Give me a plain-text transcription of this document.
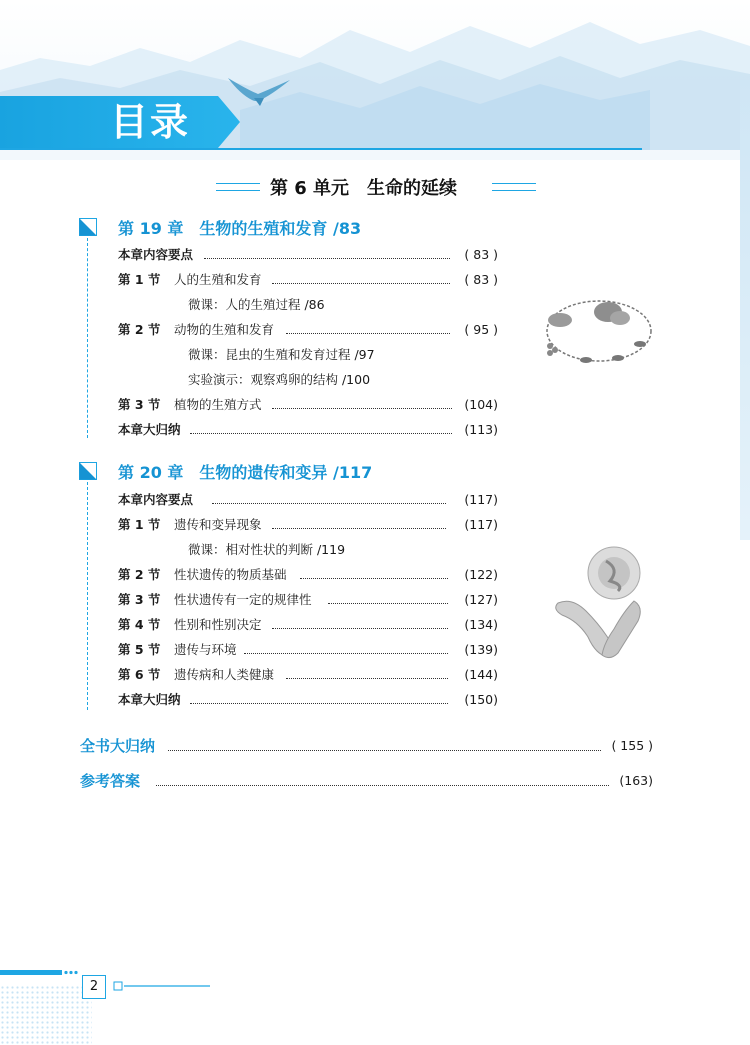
目录
第 6 单元　生命的延续
第 19 章　生物的生殖和发育 /83
本章内容要点	( 83 )
第 1 节 人的生殖和发育	( 83 )
微课：人的生殖过程 /86
第 2 节 动物的生殖和发育	( 95 )
微课：昆虫的生殖和发育过程 /97
实验演示：观察鸡卵的结构 /100
第 3 节 植物的生殖方式	(104)
本章大归纳	(113)
第 20 章　生物的遗传和变异 /117
本章内容要点	(117)
第 1 节 遗传和变异现象	(117)
微课：相对性状的判断 /119
第 2 节 性状遗传的物质基础	(122)
第 3 节 性状遗传有一定的规律性	(127)
第 4 节 性别和性别决定	(134)
第 5 节 遗传与环境	(139)
第 6 节 遗传病和人类健康	(144)
本章大归纳	(150)
全书大归纳	( 155 )
参考答案	(163)
2
